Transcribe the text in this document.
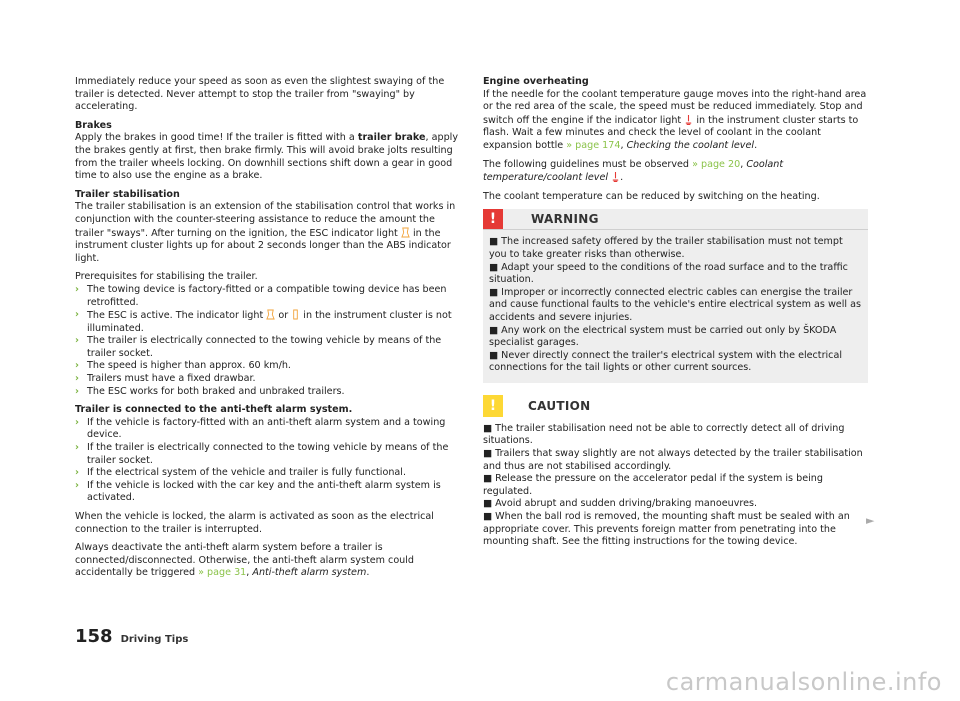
Immediately reduce your speed as soon as even the slightest swaying of the trailer is detected. Never attempt to stop the trailer from "swaying" by accelerating.

Brakes
Apply the brakes in good time! If the trailer is fitted with a trailer brake, apply the brakes gently at first, then brake firmly. This will avoid brake jolts resulting from the trailer wheels locking. On downhill sections shift down a gear in good time to also use the engine as a brake.

Trailer stabilisation
The trailer stabilisation is an extension of the stabilisation control that works in conjunction with the counter-steering assistance to reduce the amount the trailer "sways". After turning on the ignition, the ESC indicator light in the instrument cluster lights up for about 2 seconds longer than the ABS indicator light.

Prerequisites for stabilising the trailer.
› The towing device is factory-fitted or a compatible towing device has been retrofitted.
› The ESC is active. The indicator light or in the instrument cluster is not illuminated.
› The trailer is electrically connected to the towing vehicle by means of the trailer socket.
› The speed is higher than approx. 60 km/h.
› Trailers must have a fixed drawbar.
› The ESC works for both braked and unbraked trailers.
Trailer is connected to the anti-theft alarm system.
› If the vehicle is factory-fitted with an anti-theft alarm system and a towing device.
› If the trailer is electrically connected to the towing vehicle by means of the trailer socket.
› If the electrical system of the vehicle and trailer is fully functional.
› If the vehicle is locked with the car key and the anti-theft alarm system is activated.

When the vehicle is locked, the alarm is activated as soon as the electrical connection to the trailer is interrupted.

Always deactivate the anti-theft alarm system before a trailer is connected/disconnected. Otherwise, the anti-theft alarm system could accidentally be triggered » page 31, Anti-theft alarm system.

Engine overheating
If the needle for the coolant temperature gauge moves into the right-hand area or the red area of the scale, the speed must be reduced immediately. Stop and switch off the engine if the indicator light in the instrument cluster starts to flash. Wait a few minutes and check the level of coolant in the coolant expansion bottle » page 174, Checking the coolant level.

The following guidelines must be observed » page 20, Coolant temperature/coolant level .

The coolant temperature can be reduced by switching on the heating.

!	WARNING
■ The increased safety offered by the trailer stabilisation must not tempt you to take greater risks than otherwise.
■ Adapt your speed to the conditions of the road surface and to the traffic situation.
■ Improper or incorrectly connected electric cables can energise the trailer and cause functional faults to the vehicle's entire electrical system as well as accidents and severe injuries.
■ Any work on the electrical system must be carried out only by ŠKODA specialist garages.
■ Never directly connect the trailer's electrical system with the electrical connections for the tail lights or other current sources.
!	CAUTION
■ The trailer stabilisation need not be able to correctly detect all of driving situations.
■ Trailers that sway slightly are not always detected by the trailer stabilisation and thus are not stabilised accordingly.
■ Release the pressure on the accelerator pedal if the system is being regulated.
■ Avoid abrupt and sudden driving/braking manoeuvres.
■ When the ball rod is removed, the mounting shaft must be sealed with an appropriate cover. This prevents foreign matter from penetrating into the mounting shaft. See the fitting instructions for the towing device.
►
158 Driving Tips
carmanualsonline.info
